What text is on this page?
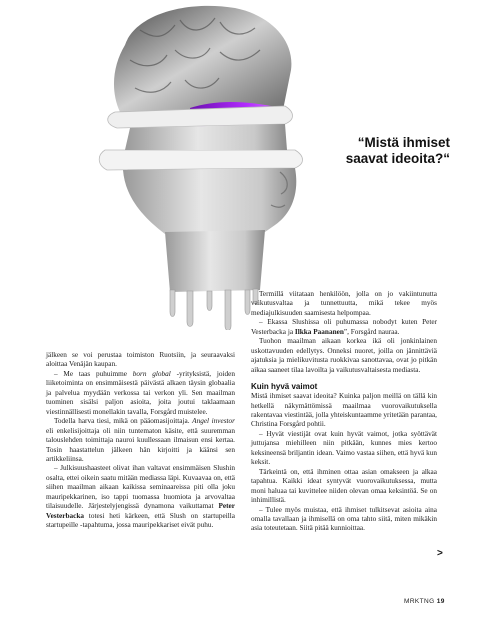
“Mistä ihmiset
saavat ideoita?“

jälkeen se voi perustaa toimiston Ruotsiin, ja seuraavaksi aloittaa Venäjän kaupan.

– Me taas puhuimme born global -yrityksistä, joiden liiketoiminta on ensimmäisestä päivästä alkaen täysin globaalia ja palvelua myydään verkossa tai verkon yli. Sen maailman tuominen sisälsi paljon asioita, joita joutui taklaamaan viestinnällisesti monellakin tavalla, Forsgård muistelee.

Todella harva tiesi, mikä on pääomasijoittaja. Angel investor eli enkelisijoittaja oli niin tuntematon käsite, että suuremman talouslehden toimittaja nauroi kuullessaan ilmaisun ensi kertaa. Tosin haastattelun jälkeen hän kirjoitti ja käänsi sen artikkeliinsa.

– Julkisuushaasteet olivat ihan valtavat ensimmäisen Slushin osalta, ettei oikein saatu mitään mediassa läpi. Kuvaavaa on, että siihen maailman aikaan kaikissa seminaareissa piti olla joku mauripekkarinen, iso tappi tuomassa huomiota ja arvovaltaa tilaisuudelle. Järjestelyjengissä dynamona vaikuttamat Peter Vesterbacka totesi heti kärkeen, että Slush on startupeilla startupeille -tapahtuma, jossa mauripekkariset eivät puhu.

Termillä viitataan henkilöön, jolla on jo vakiintunutta vaikutusvaltaa ja tunnettuutta, mikä tekee myös mediajulkisuuden saamisesta helpompaa.

– Ekassa Slushissa oli puhumassa nobodyt kuten Peter Vesterbacka ja Ilkka Paananen”, Forsgård nauraa.

Tuohon maailman aikaan korkea ikä oli jonkinlainen uskottavuuden edellytys. Onneksi nuoret, joilla on jännittäviä ajatuksia ja mielikuvitusta ruokkivaa sanottavaa, ovat jo pitkän aikaa saaneet tilaa lavoilta ja vaikutusvaltaisesta mediasta.

Kuin hyvä vaimot

Mistä ihmiset saavat ideoita? Kuinka paljon meillä on tällä kin hetkellä näkymättömissä maailmaa vuorovaikutuksella rakentavaa viestintää, jolla yhteiskuntaamme yritetään parantaa, Christina Forsgård pohtii.

– Hyvät viestijät ovat kuin hyvät vaimot, jotka syöttävät juttujansa miehilleen niin pitkään, kunnes mies kertoo keksineensä briljantin idean. Vaimo vastaa siihen, että hyvä kun keksit.

Tärkeintä on, että ihminen ottaa asian omakseen ja alkaa tapahtua. Kaikki ideat syntyvät vuorovaikutuksessa, mutta moni haluaa tai kuvittelee niiden olevan omaa keksintöä. Se on inhimillistä.

– Tulee myös muistaa, että ihmiset tulkitsevat asioita aina omalla tavallaan ja ihmisellä on oma tahto siitä, miten mikäkin asia toteutetaan. Siitä pitää kunnioittaa.

>
MRKTNG 19
